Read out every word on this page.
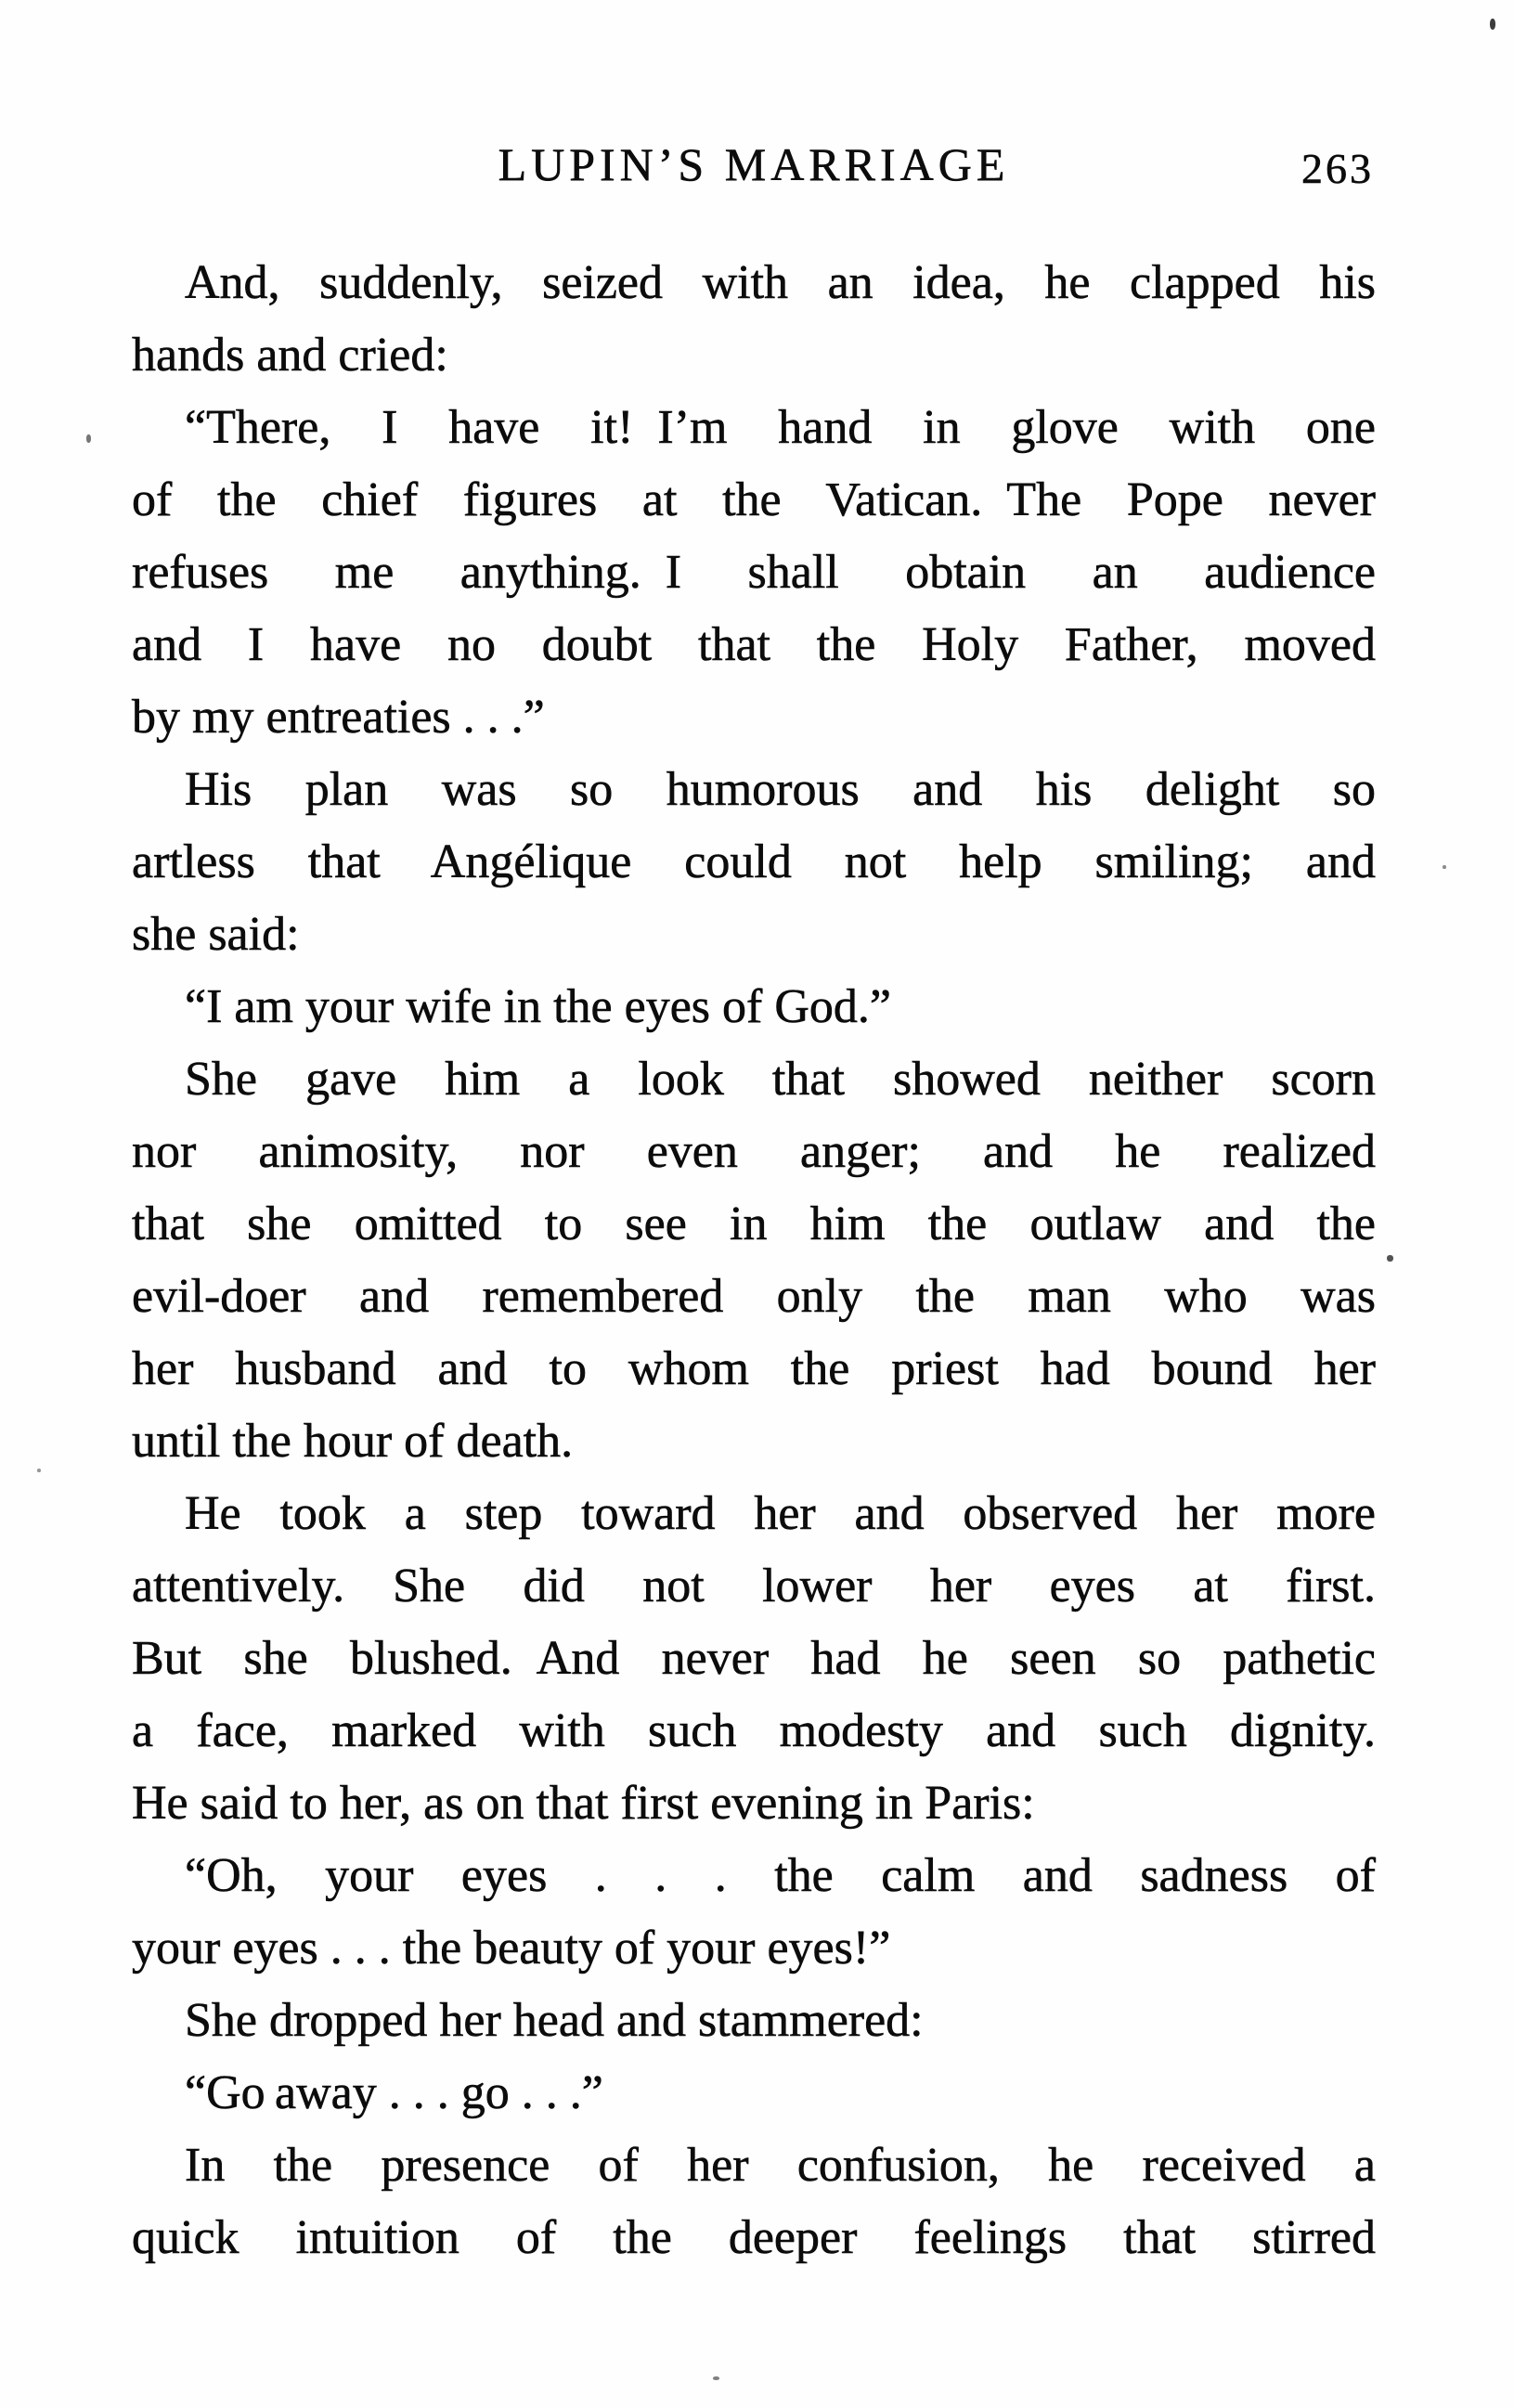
LUPIN’S MARRIAGE	263
And, suddenly, seized with an idea, he clapped his
hands and cried:
“There, I have it! I’m hand in glove with one
of the chief figures at the Vatican. The Pope never
refuses me anything. I shall obtain an audience
and I have no doubt that the Holy Father, moved
by my entreaties . . .”
His plan was so humorous and his delight so
artless that Angélique could not help smiling; and
she said:
“I am your wife in the eyes of God.”
She gave him a look that showed neither scorn
nor animosity, nor even anger; and he realized
that she omitted to see in him the outlaw and the
evil-doer and remembered only the man who was
her husband and to whom the priest had bound her
until the hour of death.
He took a step toward her and observed her more
attentively. She did not lower her eyes at first.
But she blushed. And never had he seen so pathetic
a face, marked with such modesty and such dignity.
He said to her, as on that first evening in Paris:
“Oh, your eyes . . . the calm and sadness of
your eyes . . . the beauty of your eyes!”
She dropped her head and stammered:
“Go away . . . go . . .”
In the presence of her confusion, he received a
quick intuition of the deeper feelings that stirred
